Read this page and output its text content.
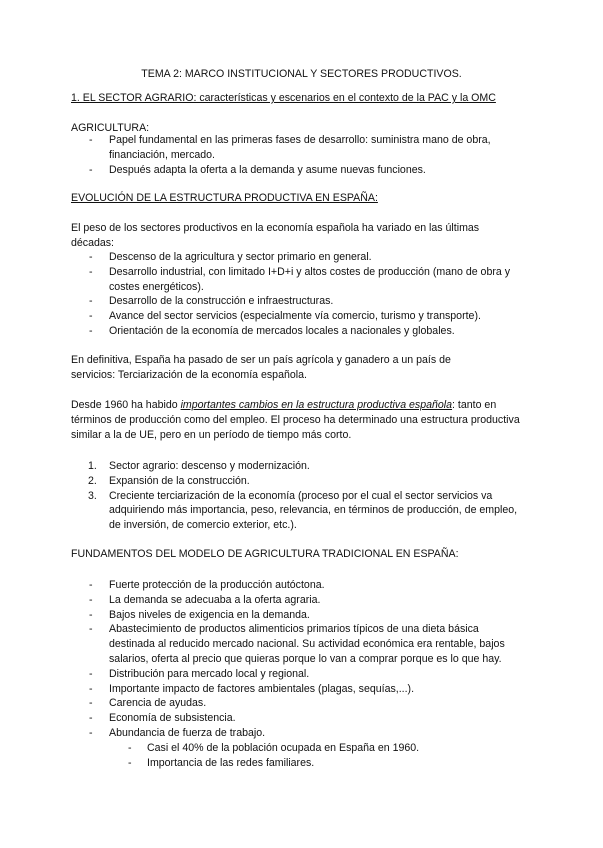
TEMA 2: MARCO INSTITUCIONAL Y SECTORES PRODUCTIVOS.
1. EL SECTOR AGRARIO: características y escenarios en el contexto de la PAC y la OMC
AGRICULTURA:
- Papel fundamental en las primeras fases de desarrollo: suministra mano de obra, financiación, mercado.
- Después adapta la oferta a la demanda y asume nuevas funciones.
EVOLUCIÓN DE LA ESTRUCTURA PRODUCTIVA EN ESPAÑA:
El peso de los sectores productivos en la economía española ha variado en las últimas décadas:
- Descenso de la agricultura y sector primario en general.
- Desarrollo industrial, con limitado I+D+i y altos costes de producción (mano de obra y costes energéticos).
- Desarrollo de la construcción e infraestructuras.
- Avance del sector servicios (especialmente vía comercio, turismo y transporte).
- Orientación de la economía de mercados locales a nacionales y globales.
En definitiva, España ha pasado de ser un país agrícola y ganadero a un país de servicios: Terciarización de la economía española.
Desde 1960 ha habido importantes cambios en la estructura productiva española: tanto en términos de producción como del empleo. El proceso ha determinado una estructura productiva similar a la de UE, pero en un período de tiempo más corto.
1. Sector agrario: descenso y modernización.
2. Expansión de la construcción.
3. Creciente terciarización de la economía (proceso por el cual el sector servicios va adquiriendo más importancia, peso, relevancia, en términos de producción, de empleo, de inversión, de comercio exterior, etc.).
FUNDAMENTOS DEL MODELO DE AGRICULTURA TRADICIONAL EN ESPAÑA:
- Fuerte protección de la producción autóctona.
- La demanda se adecuaba a la oferta agraria.
- Bajos niveles de exigencia en la demanda.
- Abastecimiento de productos alimenticios primarios típicos de una dieta básica destinada al reducido mercado nacional. Su actividad económica era rentable, bajos salarios, oferta al precio que quieras porque lo van a comprar porque es lo que hay.
- Distribución para mercado local y regional.
- Importante impacto de factores ambientales (plagas, sequías,...).
- Carencia de ayudas.
- Economía de subsistencia.
- Abundancia de fuerza de trabajo.
- Casi el 40% de la población ocupada en España en 1960.
- Importancia de las redes familiares.
